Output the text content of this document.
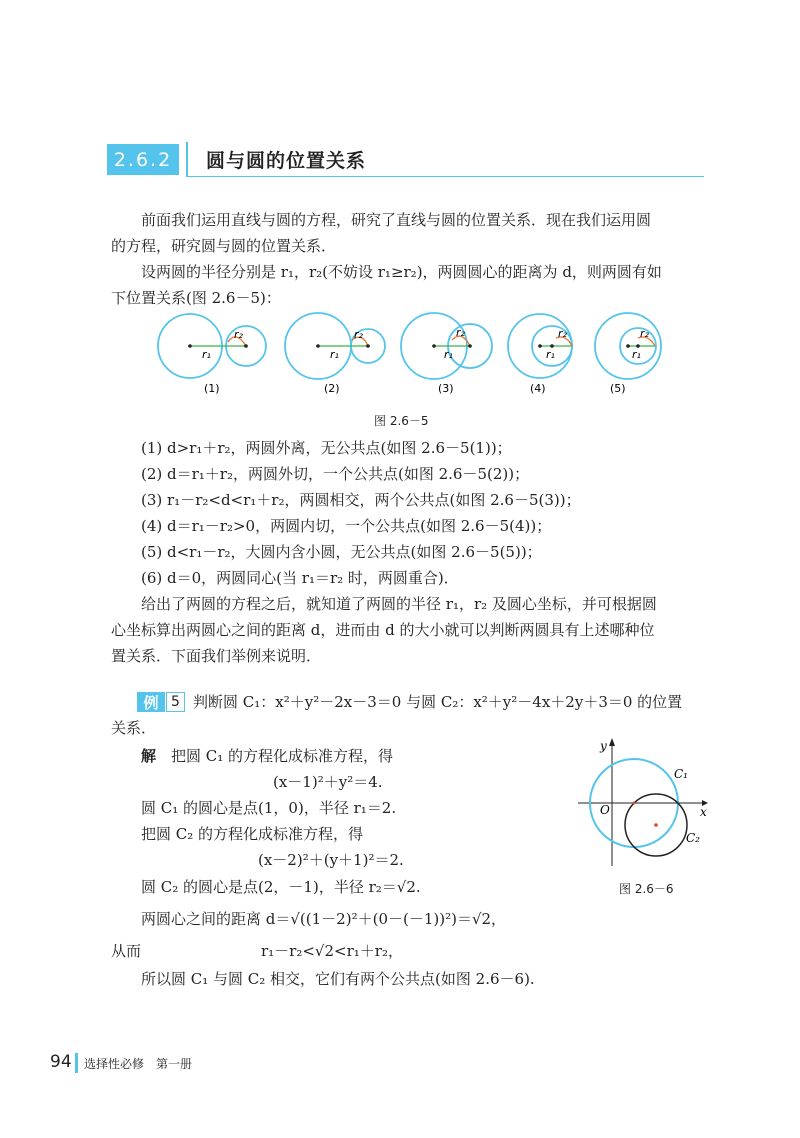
2.6.2	圆与圆的位置关系
前面我们运用直线与圆的方程，研究了直线与圆的位置关系．现在我们运用圆
的方程，研究圆与圆的位置关系．
设两圆的半径分别是 r₁，r₂(不妨设 r₁≥r₂)，两圆圆心的距离为 d，则两圆有如
下位置关系(图 2.6－5)：
r₁
r₂
r₁
r₂
r₁
r₂
r₁
r₂
r₁
r₂
(1)	(2)	(3)	(4)	(5)
图 2.6－5
(1) d>r₁＋r₂，两圆外离，无公共点(如图 2.6－5(1))；
(2) d＝r₁＋r₂，两圆外切，一个公共点(如图 2.6－5(2))；
(3) r₁－r₂<d<r₁＋r₂，两圆相交，两个公共点(如图 2.6－5(3))；
(4) d＝r₁－r₂>0，两圆内切，一个公共点(如图 2.6－5(4))；
(5) d<r₁－r₂，大圆内含小圆，无公共点(如图 2.6－5(5))；
(6) d＝0，两圆同心(当 r₁＝r₂ 时，两圆重合)．
给出了两圆的方程之后，就知道了两圆的半径 r₁，r₂ 及圆心坐标，并可根据圆
心坐标算出两圆心之间的距离 d，进而由 d 的大小就可以判断两圆具有上述哪种位
置关系．下面我们举例来说明．
例 5 判断圆 C₁：x²＋y²－2x－3＝0 与圆 C₂：x²＋y²－4x＋2y＋3＝0 的位置
关系．
解 把圆 C₁ 的方程化成标准方程，得
(x－1)²＋y²＝4.
圆 C₁ 的圆心是点(1，0)，半径 r₁＝2.
把圆 C₂ 的方程化成标准方程，得
(x－2)²＋(y＋1)²＝2.
圆 C₂ 的圆心是点(2，－1)，半径 r₂＝√2.
两圆心之间的距离 d＝√((1－2)²＋(0－(－1))²)＝√2，
从而	r₁－r₂<√2<r₁＋r₂，
所以圆 C₁ 与圆 C₂ 相交，它们有两个公共点(如图 2.6－6).
O	x
y
C₁
C₂
图 2.6－6
94 选择性必修　第一册
